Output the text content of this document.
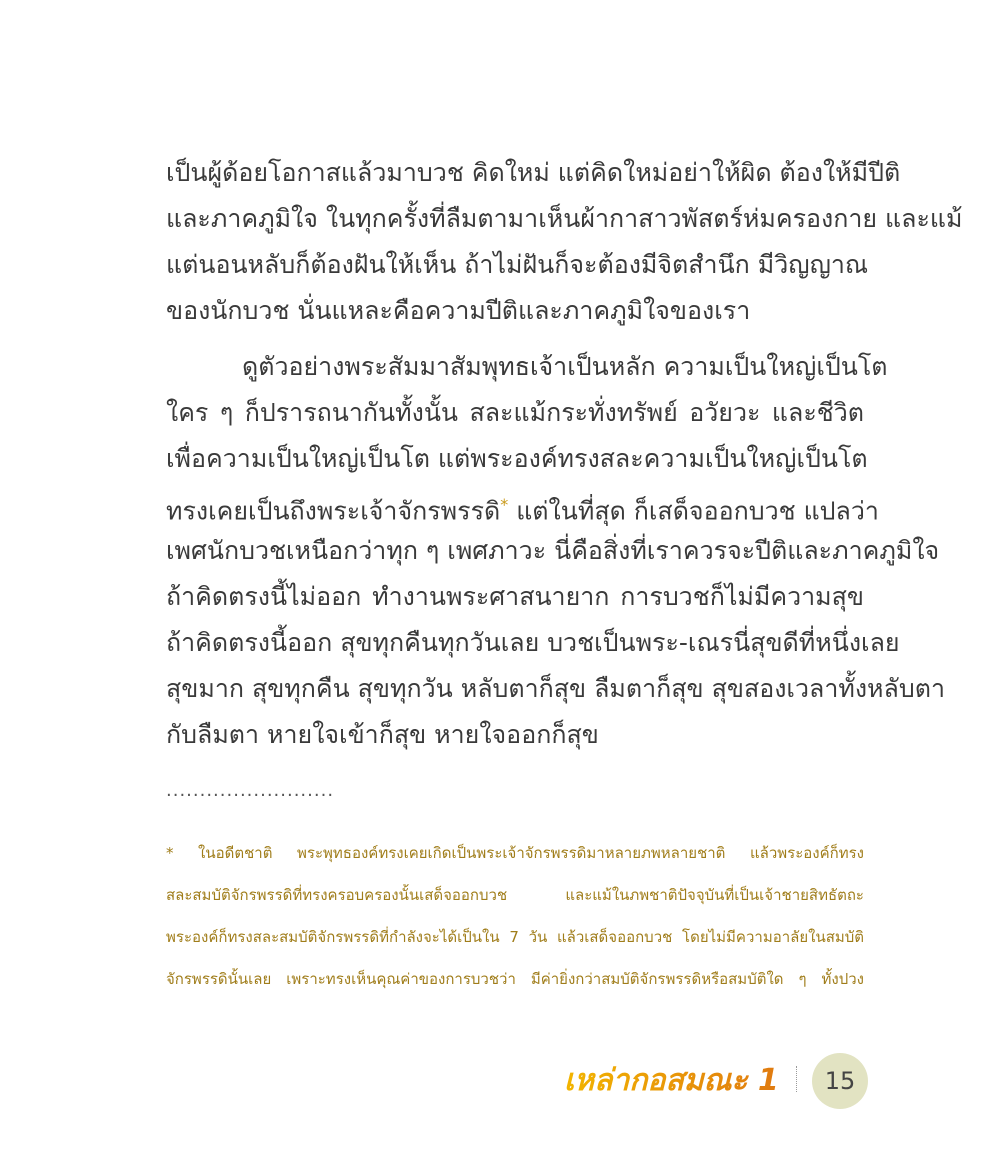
เป็นผู้ด้อยโอกาสแล้วมาบวช คิดใหม่ แต่คิดใหม่อย่าให้ผิด ต้องให้มีปีติ
และภาคภูมิใจ ในทุกครั้งที่ลืมตามาเห็นผ้ากาสาวพัสตร์ห่มครองกาย และแม้
แต่นอนหลับก็ต้องฝันให้เห็น ถ้าไม่ฝันก็จะต้องมีจิตสำนึก มีวิญญาณ
ของนักบวช นั่นแหละคือความปีติและภาคภูมิใจของเรา
ดูตัวอย่างพระสัมมาสัมพุทธเจ้าเป็นหลัก ความเป็นใหญ่เป็นโต
ใคร ๆ ก็ปรารถนากันทั้งนั้น สละแม้กระทั่งทรัพย์ อวัยวะ และชีวิต
เพื่อความเป็นใหญ่เป็นโต แต่พระองค์ทรงสละความเป็นใหญ่เป็นโต
ทรงเคยเป็นถึงพระเจ้าจักรพรรดิ* แต่ในที่สุด ก็เสด็จออกบวช แปลว่า
เพศนักบวชเหนือกว่าทุก ๆ เพศภาวะ นี่คือสิ่งที่เราควรจะปีติและภาคภูมิใจ
ถ้าคิดตรงนี้ไม่ออก ทำงานพระศาสนายาก การบวชก็ไม่มีความสุข
ถ้าคิดตรงนี้ออก สุขทุกคืนทุกวันเลย บวชเป็นพระ-เณรนี่สุขดีที่หนึ่งเลย
สุขมาก สุขทุกคืน สุขทุกวัน หลับตาก็สุข ลืมตาก็สุข สุขสองเวลาทั้งหลับตา
กับลืมตา หายใจเข้าก็สุข หายใจออกก็สุข
.........................
* ในอดีตชาติ พระพุทธองค์ทรงเคยเกิดเป็นพระเจ้าจักรพรรดิมาหลายภพหลายชาติ แล้วพระองค์ก็ทรง
สละสมบัติจักรพรรดิที่ทรงครอบครองนั้นเสด็จออกบวช และแม้ในภพชาติปัจจุบันที่เป็นเจ้าชายสิทธัตถะ
พระองค์ก็ทรงสละสมบัติจักรพรรดิที่กำลังจะได้เป็นใน 7 วัน แล้วเสด็จออกบวช โดยไม่มีความอาลัยในสมบัติ
จักรพรรดินั้นเลย เพราะทรงเห็นคุณค่าของการบวชว่า มีค่ายิ่งกว่าสมบัติจักรพรรดิหรือสมบัติใด ๆ ทั้งปวง
เหล่ากอสมณะ 1 15
